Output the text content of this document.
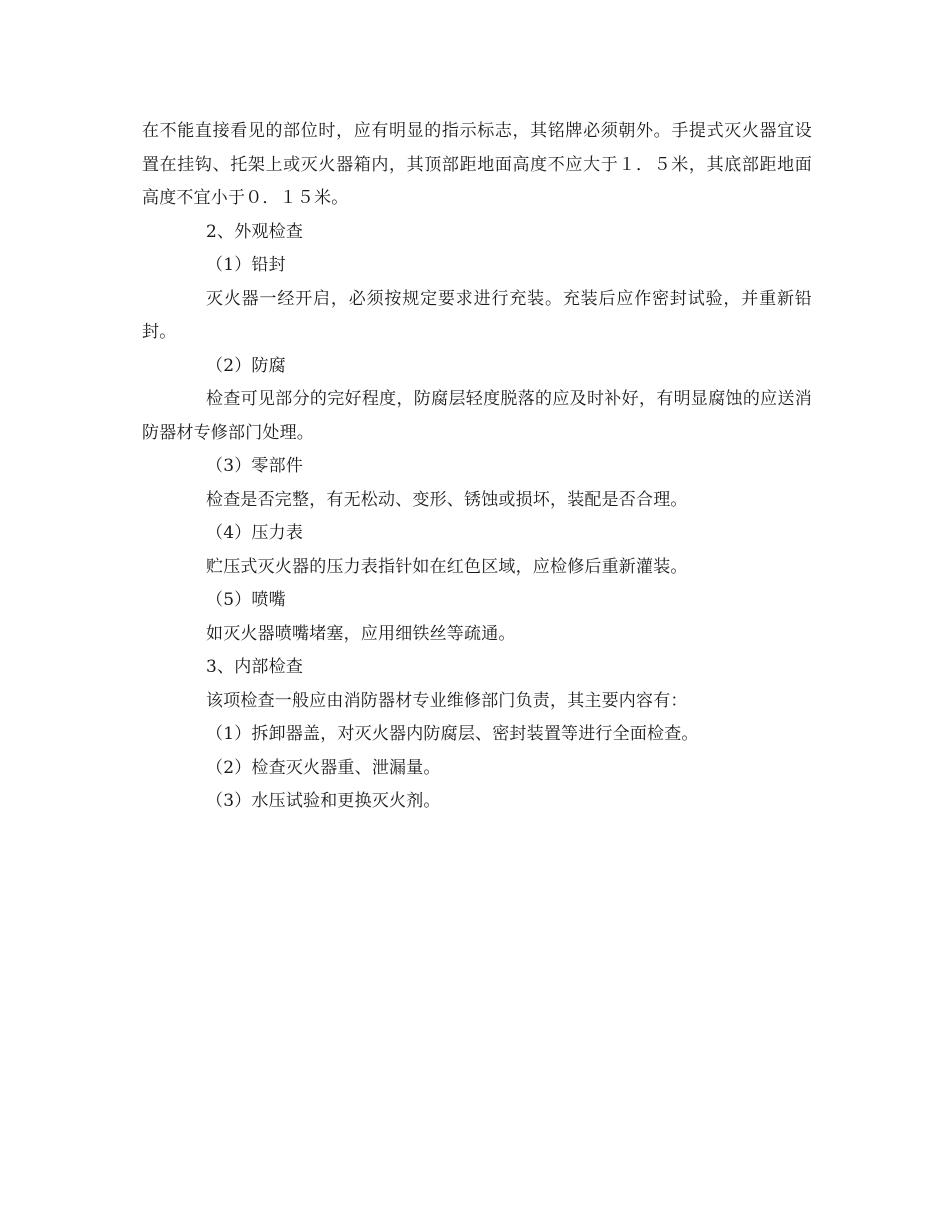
在不能直接看见的部位时，应有明显的指示标志，其铭牌必须朝外。手提式灭火器宜设置在挂钩、托架上或灭火器箱内，其顶部距地面高度不应大于１．５米，其底部距地面高度不宜小于０．１５米。

2、外观检查

（1）铅封

灭火器一经开启，必须按规定要求进行充装。充装后应作密封试验，并重新铅封。

（2）防腐

检查可见部分的完好程度，防腐层轻度脱落的应及时补好，有明显腐蚀的应送消防器材专修部门处理。

（3）零部件

检查是否完整，有无松动、变形、锈蚀或损坏，装配是否合理。

（4）压力表

贮压式灭火器的压力表指针如在红色区域，应检修后重新灌装。

（5）喷嘴

如灭火器喷嘴堵塞，应用细铁丝等疏通。

3、内部检查

该项检查一般应由消防器材专业维修部门负责，其主要内容有：

（1）拆卸器盖，对灭火器内防腐层、密封装置等进行全面检查。

（2）检查灭火器重、泄漏量。

（3）水压试验和更换灭火剂。
